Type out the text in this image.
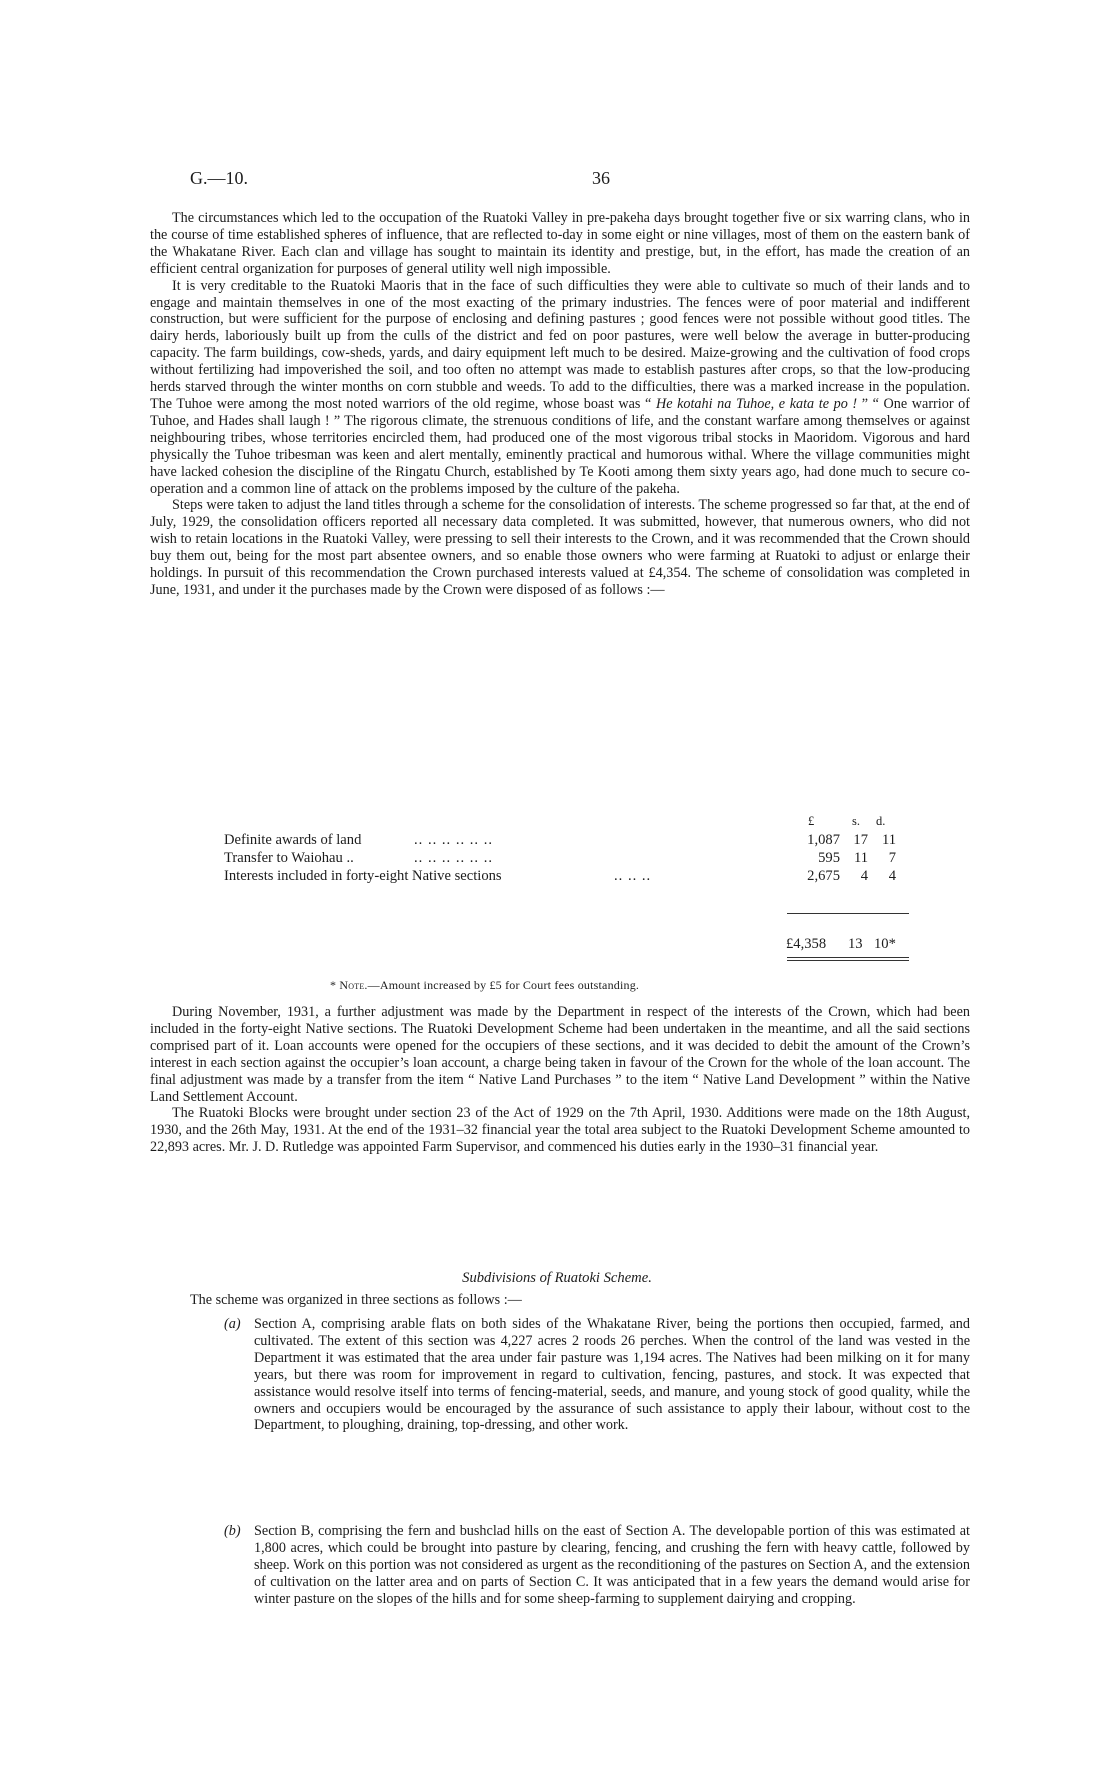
G.—10.	36

The circumstances which led to the occupation of the Ruatoki Valley in pre-pakeha days brought together five or six warring clans, who in the course of time established spheres of influence, that are reflected to-day in some eight or nine villages, most of them on the eastern bank of the Whakatane River. Each clan and village has sought to maintain its identity and prestige, but, in the effort, has made the creation of an efficient central organization for purposes of general utility well nigh impossible.

It is very creditable to the Ruatoki Maoris that in the face of such difficulties they were able to cultivate so much of their lands and to engage and maintain themselves in one of the most exacting of the primary industries. The fences were of poor material and indifferent construction, but were sufficient for the purpose of enclosing and defining pastures ; good fences were not possible without good titles. The dairy herds, laboriously built up from the culls of the district and fed on poor pastures, were well below the average in butter-producing capacity. The farm buildings, cow-sheds, yards, and dairy equipment left much to be desired. Maize-growing and the cultivation of food crops without fertilizing had impoverished the soil, and too often no attempt was made to establish pastures after crops, so that the low-producing herds starved through the winter months on corn stubble and weeds. To add to the difficulties, there was a marked increase in the population. The Tuhoe were among the most noted warriors of the old regime, whose boast was “ He kotahi na Tuhoe, e kata te po ! ” “ One warrior of Tuhoe, and Hades shall laugh ! ” The rigorous climate, the strenuous conditions of life, and the constant warfare among themselves or against neighbouring tribes, whose territories encircled them, had produced one of the most vigorous tribal stocks in Maoridom. Vigorous and hard physically the Tuhoe tribesman was keen and alert mentally, eminently practical and humorous withal. Where the village communities might have lacked cohesion the discipline of the Ringatu Church, established by Te Kooti among them sixty years ago, had done much to secure co-operation and a common line of attack on the problems imposed by the culture of the pakeha.

Steps were taken to adjust the land titles through a scheme for the consolidation of interests. The scheme progressed so far that, at the end of July, 1929, the consolidation officers reported all necessary data completed. It was submitted, however, that numerous owners, who did not wish to retain locations in the Ruatoki Valley, were pressing to sell their interests to the Crown, and it was recommended that the Crown should buy them out, being for the most part absentee owners, and so enable those owners who were farming at Ruatoki to adjust or enlarge their holdings. In pursuit of this recommendation the Crown purchased interests valued at £4,354. The scheme of consolidation was completed in June, 1931, and under it the purchases made by the Crown were disposed of as follows :—

£	s. d.
Definite awards of land	.. .. .. .. .. ..	1,087 17 11
Transfer to Waiohau ..	.. .. .. .. .. ..	595 11 7
Interests included in forty-eight Native sections	.. .. ..	2,675 4 4
£4,358 13 10*
* Note.—Amount increased by £5 for Court fees outstanding.

During November, 1931, a further adjustment was made by the Department in respect of the interests of the Crown, which had been included in the forty-eight Native sections. The Ruatoki Development Scheme had been undertaken in the meantime, and all the said sections comprised part of it. Loan accounts were opened for the occupiers of these sections, and it was decided to debit the amount of the Crown’s interest in each section against the occupier’s loan account, a charge being taken in favour of the Crown for the whole of the loan account. The final adjustment was made by a transfer from the item “ Native Land Purchases ” to the item “ Native Land Development ” within the Native Land Settlement Account.

The Ruatoki Blocks were brought under section 23 of the Act of 1929 on the 7th April, 1930. Additions were made on the 18th August, 1930, and the 26th May, 1931. At the end of the 1931–32 financial year the total area subject to the Ruatoki Development Scheme amounted to 22,893 acres. Mr. J. D. Rutledge was appointed Farm Supervisor, and commenced his duties early in the 1930–31 financial year.

Subdivisions of Ruatoki Scheme.
The scheme was organized in three sections as follows :—
(a) Section A, comprising arable flats on both sides of the Whakatane River, being the portions then occupied, farmed, and cultivated. The extent of this section was 4,227 acres 2 roods 26 perches. When the control of the land was vested in the Department it was estimated that the area under fair pasture was 1,194 acres. The Natives had been milking on it for many years, but there was room for improvement in regard to cultivation, fencing, pastures, and stock. It was expected that assistance would resolve itself into terms of fencing-material, seeds, and manure, and young stock of good quality, while the owners and occupiers would be encouraged by the assurance of such assistance to apply their labour, without cost to the Department, to ploughing, draining, top-dressing, and other work.
(b) Section B, comprising the fern and bushclad hills on the east of Section A. The developable portion of this was estimated at 1,800 acres, which could be brought into pasture by clearing, fencing, and crushing the fern with heavy cattle, followed by sheep. Work on this portion was not considered as urgent as the reconditioning of the pastures on Section A, and the extension of cultivation on the latter area and on parts of Section C. It was anticipated that in a few years the demand would arise for winter pasture on the slopes of the hills and for some sheep-farming to supplement dairying and cropping.
